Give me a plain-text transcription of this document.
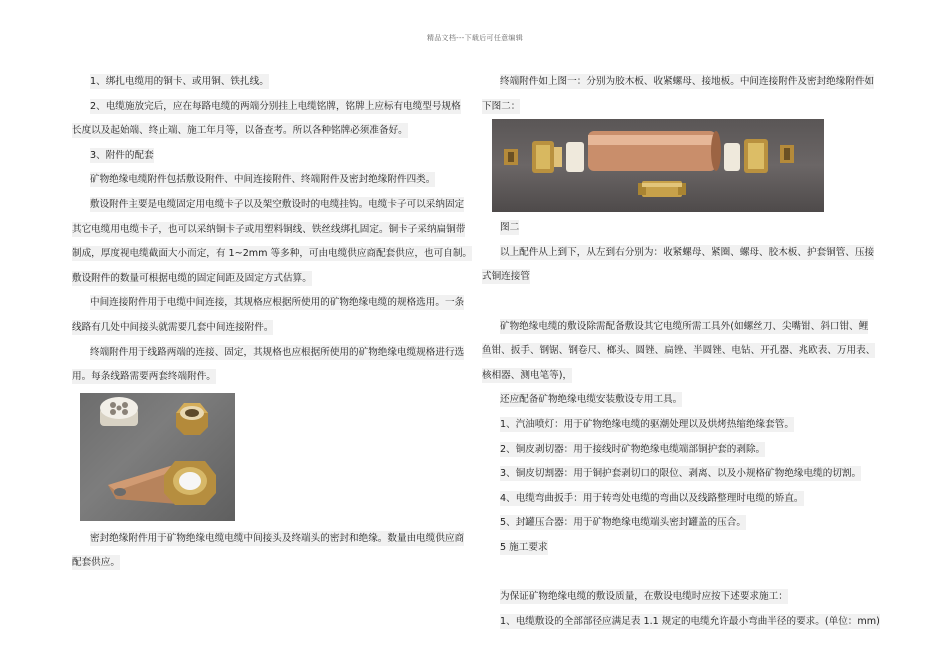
精品文档---下载后可任意编辑
1、绑扎电缆用的铜卡、或用铜、铁扎线。
2、电缆施放完后，应在每路电缆的两端分别挂上电缆铭牌，铭牌上应标有电缆型号规格
长度以及起始端、终止端、施工年月等，以备查考。所以各种铭牌必须准备好。
3、附件的配套
矿物绝缘电缆附件包括敷设附件、中间连接附件、终端附件及密封绝缘附件四类。
敷设附件主要是电缆固定用电缆卡子以及架空敷设时的电缆挂钩。电缆卡子可以采纳固定
其它电缆用电缆卡子，也可以采纳铜卡子或用塑料铜线、铁丝线绑扎固定。铜卡子采纳扁铜带
制成，厚度视电缆截面大小而定，有 1~2mm 等多种，可由电缆供应商配套供应，也可自制。
敷设附件的数量可根据电缆的固定间距及固定方式估算。
中间连接附件用于电缆中间连接，其规格应根据所使用的矿物绝缘电缆的规格选用。一条
线路有几处中间接头就需要几套中间连接附件。
终端附件用于线路两端的连接、固定，其规格也应根据所使用的矿物绝缘电缆规格进行选
用。每条线路需要两套终端附件。
密封绝缘附件用于矿物绝缘电缆电缆中间接头及终端头的密封和绝缘。数量由电缆供应商
配套供应。
终端附件如上图一：分别为胶木板、收紧螺母、接地板。中间连接附件及密封绝缘附件如
下图二：
图二
以上配件从上到下，从左到右分别为：收紧螺母、紧圈、螺母、胶木板、护套铜管、压接
式铜连接管
矿物绝缘电缆的敷设除需配备敷设其它电缆所需工具外(如螺丝刀、尖嘴钳、斜口钳、鲤
鱼钳、扳手、钢锯、钢卷尺、榔头、圆锉、扁锉、半圆锉、电钻、开孔器、兆欧表、万用表、
核相器、测电笔等)，
还应配备矿物绝缘电缆安装敷设专用工具。
1、汽油喷灯：用于矿物绝缘电缆的驱潮处理以及烘烤热缩绝缘套管。
2、铜皮剥切器：用于接线时矿物绝缘电缆端部铜护套的剥除。
3、铜皮切割器：用于铜护套剥切口的限位、剥离、以及小规格矿物绝缘电缆的切割。
4、电缆弯曲扳手：用于转弯处电缆的弯曲以及线路整理时电缆的矫直。
5、封罐压合器：用于矿物绝缘电缆端头密封罐盖的压合。
5 施工要求
为保证矿物绝缘电缆的敷设质量，在敷设电缆时应按下述要求施工：
1、电缆敷设的全部部径应满足表 1.1 规定的电缆允许最小弯曲半径的要求。(单位：mm)
